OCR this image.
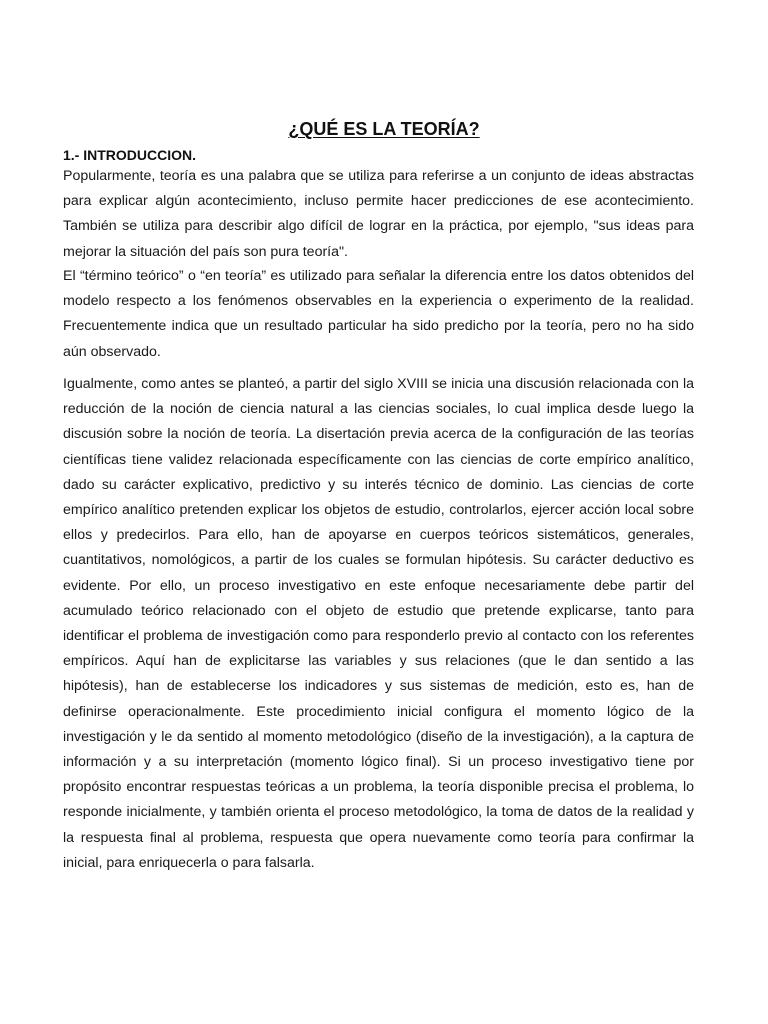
¿QUÉ ES LA TEORÍA?
1.- INTRODUCCION.

Popularmente, teoría es una palabra que se utiliza para referirse a un conjunto de ideas abstractas para explicar algún acontecimiento, incluso permite hacer predicciones de ese acontecimiento. También se utiliza para describir algo difícil de lograr en la práctica, por ejemplo, "sus ideas para mejorar la situación del país son pura teoría".

El “término teórico” o “en teoría” es utilizado para señalar la diferencia entre los datos obtenidos del modelo respecto a los fenómenos observables en la experiencia o experimento de la realidad. Frecuentemente indica que un resultado particular ha sido predicho por la teoría, pero no ha sido aún observado.

Igualmente, como antes se planteó, a partir del siglo XVIII se inicia una discusión relacionada con la reducción de la noción de ciencia natural a las ciencias sociales, lo cual implica desde luego la discusión sobre la noción de teoría. La disertación previa acerca de la configuración de las teorías científicas tiene validez relacionada específicamente con las ciencias de corte empírico analítico, dado su carácter explicativo, predictivo y su interés técnico de dominio. Las ciencias de corte empírico analítico pretenden explicar los objetos de estudio, controlarlos, ejercer acción local sobre ellos y predecirlos. Para ello, han de apoyarse en cuerpos teóricos sistemáticos, generales, cuantitativos, nomológicos, a partir de los cuales se formulan hipótesis. Su carácter deductivo es evidente. Por ello, un proceso investigativo en este enfoque necesariamente debe partir del acumulado teórico relacionado con el objeto de estudio que pretende explicarse, tanto para identificar el problema de investigación como para responderlo previo al contacto con los referentes empíricos. Aquí han de explicitarse las variables y sus relaciones (que le dan sentido a las hipótesis), han de establecerse los indicadores y sus sistemas de medición, esto es, han de definirse operacionalmente. Este procedimiento inicial configura el momento lógico de la investigación y le da sentido al momento metodológico (diseño de la investigación), a la captura de información y a su interpretación (momento lógico final). Si un proceso investigativo tiene por propósito encontrar respuestas teóricas a un problema, la teoría disponible precisa el problema, lo responde inicialmente, y también orienta el proceso metodológico, la toma de datos de la realidad y la respuesta final al problema, respuesta que opera nuevamente como teoría para confirmar la inicial, para enriquecerla o para falsarla.
